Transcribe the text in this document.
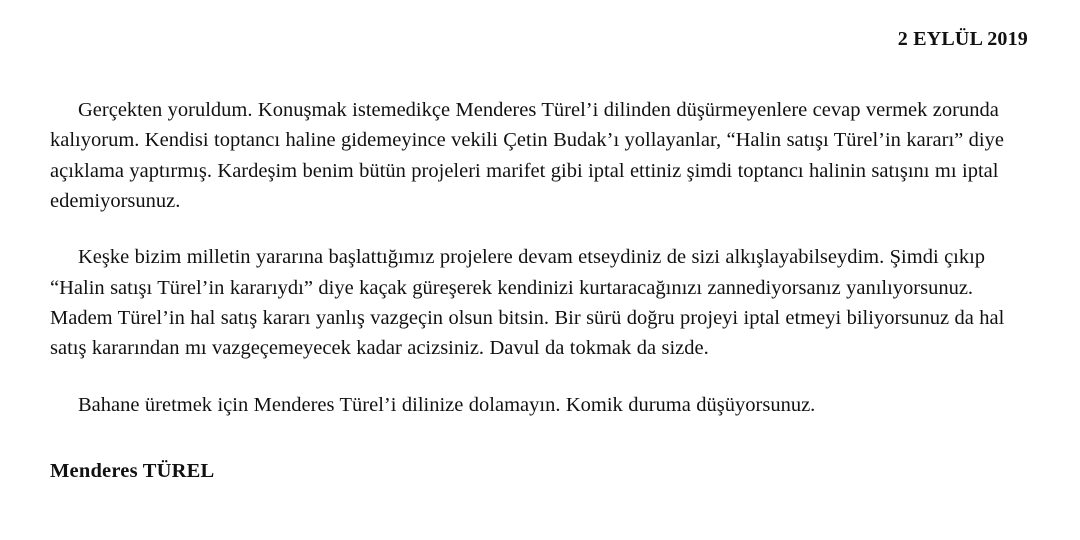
2 EYLÜL 2019

Gerçekten yoruldum. Konuşmak istemedikçe Menderes Türel’i dilinden düşürmeyenlere cevap vermek zorunda kalıyorum. Kendisi toptancı haline gidemeyince vekili Çetin Budak’ı yollayanlar, “Halin satışı Türel’in kararı” diye açıklama yaptırmış. Kardeşim benim bütün projeleri marifet gibi iptal ettiniz şimdi toptancı halinin satışını mı iptal edemiyorsunuz.

Keşke bizim milletin yararına başlattığımız projelere devam etseydiniz de sizi alkışlayabilseydim. Şimdi çıkıp “Halin satışı Türel’in kararıydı” diye kaçak güreşerek kendinizi kurtaracağınızı zannediyorsanız yanılıyorsunuz. Madem Türel’in hal satış kararı yanlış vazgeçin olsun bitsin. Bir sürü doğru projeyi iptal etmeyi biliyorsunuz da hal satış kararından mı vazgeçemeyecek kadar acizsiniz. Davul da tokmak da sizde.

Bahane üretmek için Menderes Türel’i dilinize dolamayın. Komik duruma düşüyorsunuz.

Menderes TÜREL
